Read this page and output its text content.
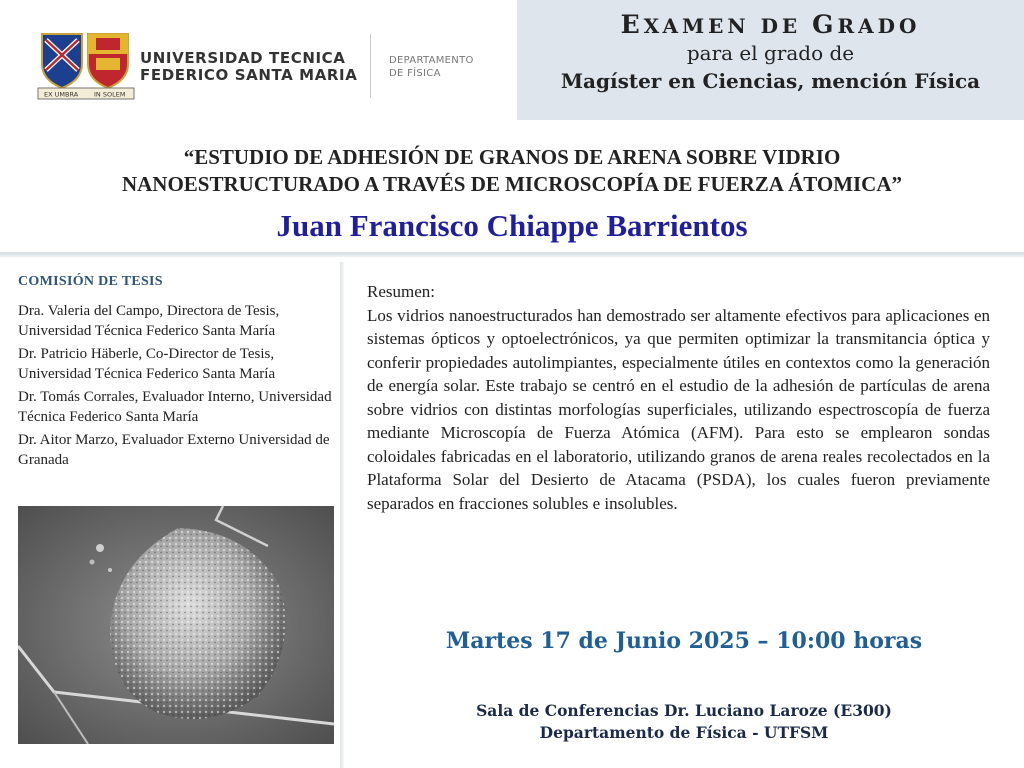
EX UMBRA IN SOLEM
UNIVERSIDAD TECNICA
FEDERICO SANTA MARIA
DEPARTAMENTO
DE FÍSICA
EXAMEN DE GRADO
para el grado de
Magíster en Ciencias, mención Física
“ESTUDIO DE ADHESIÓN DE GRANOS DE ARENA SOBRE VIDRIO
NANOESTRUCTURADO A TRAVÉS DE MICROSCOPÍA DE FUERZA ÁTOMICA”
Juan Francisco Chiappe Barrientos
COMISIÓN DE TESIS

Dra. Valeria del Campo, Directora de Tesis, Universidad Técnica Federico Santa María

Dr. Patricio Häberle, Co-Director de Tesis, Universidad Técnica Federico Santa María

Dr. Tomás Corrales, Evaluador Interno, Universidad Técnica Federico Santa María

Dr. Aitor Marzo, Evaluador Externo Universidad de Granada

Resumen:
Los vidrios nanoestructurados han demostrado ser altamente efectivos para aplicaciones en sistemas ópticos y optoelectrónicos, ya que permiten optimizar la transmitancia óptica y conferir propiedades autolimpiantes, especialmente útiles en contextos como la generación de energía solar. Este trabajo se centró en el estudio de la adhesión de partículas de arena sobre vidrios con distintas morfologías superficiales, utilizando espectroscopía de fuerza mediante Microscopía de Fuerza Atómica (AFM). Para esto se emplearon sondas coloidales fabricadas en el laboratorio, utilizando granos de arena reales recolectados en la Plataforma Solar del Desierto de Atacama (PSDA), los cuales fueron previamente separados en fracciones solubles e insolubles.
Martes 17 de Junio 2025 – 10:00 horas
Sala de Conferencias Dr. Luciano Laroze (E300)
Departamento de Física - UTFSM
